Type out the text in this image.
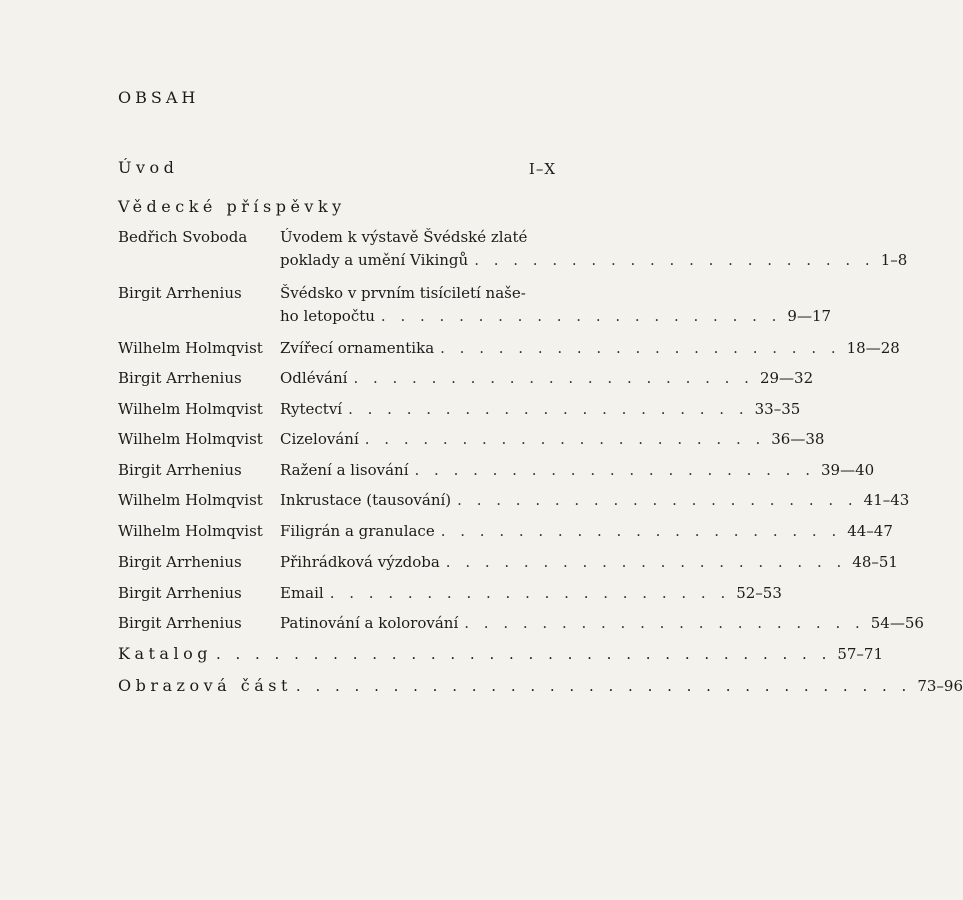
OBSAH
Úvod	I–X
Vědecké příspěvky
Bedřich Svoboda	Úvodem k výstavě Švédské zlaté
poklady a umění Vikingů . . . . . . . . . . . . . . . . . . . . . 1–8
Birgit Arrhenius	Švédsko v prvním tisíciletí naše-
ho letopočtu . . . . . . . . . . . . . . . . . . . . . 9—17
Wilhelm Holmqvist	Zvířecí ornamentika . . . . . . . . . . . . . . . . . . . . . 18—28
Birgit Arrhenius	Odlévání . . . . . . . . . . . . . . . . . . . . . 29—32
Wilhelm Holmqvist	Rytectví . . . . . . . . . . . . . . . . . . . . . 33–35
Wilhelm Holmqvist	Cizelování . . . . . . . . . . . . . . . . . . . . . 36—38
Birgit Arrhenius	Ražení a lisování . . . . . . . . . . . . . . . . . . . . . 39—40
Wilhelm Holmqvist	Inkrustace (tausování) . . . . . . . . . . . . . . . . . . . . . 41–43
Wilhelm Holmqvist	Filigrán a granulace . . . . . . . . . . . . . . . . . . . . . 44–47
Birgit Arrhenius	Přihrádková výzdoba . . . . . . . . . . . . . . . . . . . . . 48–51
Birgit Arrhenius	Email . . . . . . . . . . . . . . . . . . . . . 52–53
Birgit Arrhenius	Patinování a kolorování . . . . . . . . . . . . . . . . . . . . . 54—56
Katalog . . . . . . . . . . . . . . . . . . . . . . . . . . . . . . . . 57–71
Obrazová část . . . . . . . . . . . . . . . . . . . . . . . . . . . . . . . . 73–96
